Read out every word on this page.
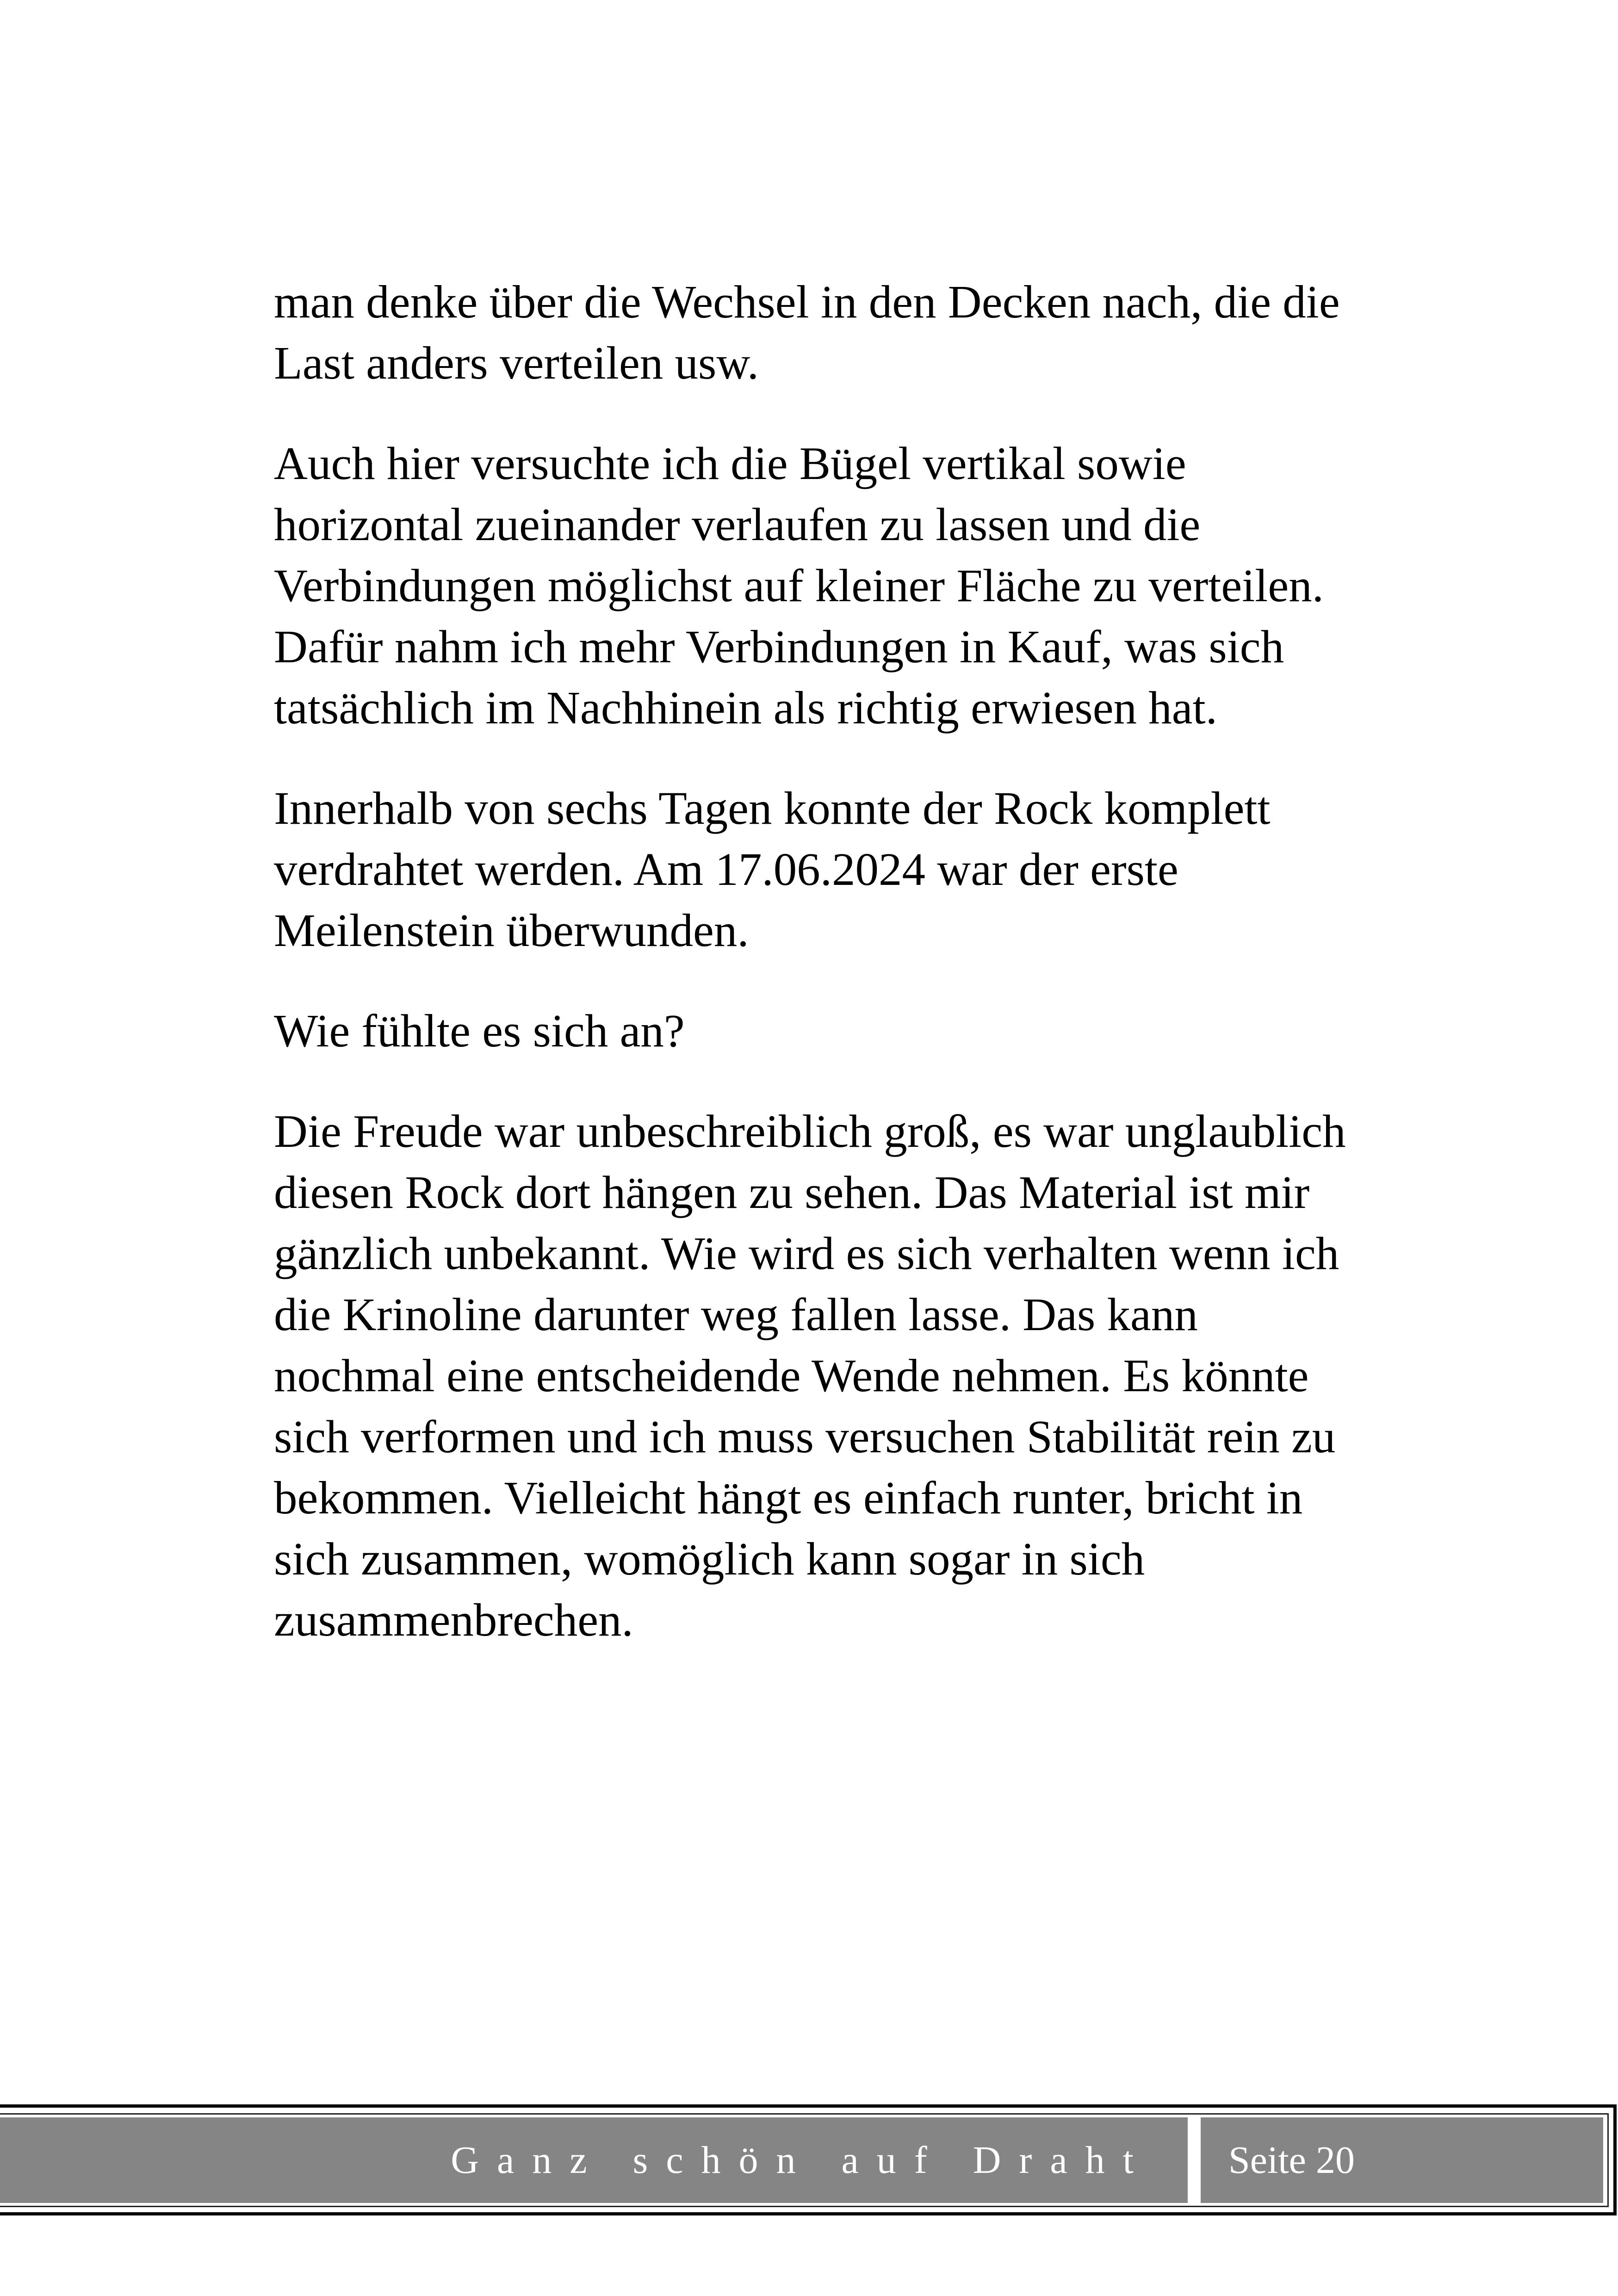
man denke über die Wechsel in den Decken nach, die die
Last anders verteilen usw.

Auch hier versuchte ich die Bügel vertikal sowie
horizontal zueinander verlaufen zu lassen und die
Verbindungen möglichst auf kleiner Fläche zu verteilen.
Dafür nahm ich mehr Verbindungen in Kauf, was sich
tatsächlich im Nachhinein als richtig erwiesen hat.

Innerhalb von sechs Tagen konnte der Rock komplett
verdrahtet werden. Am 17.06.2024 war der erste
Meilenstein überwunden.

Wie fühlte es sich an?

Die Freude war unbeschreiblich groß, es war unglaublich
diesen Rock dort hängen zu sehen. Das Material ist mir
gänzlich unbekannt. Wie wird es sich verhalten wenn ich
die Krinoline darunter weg fallen lasse. Das kann
nochmal eine entscheidende Wende nehmen. Es könnte
sich verformen und ich muss versuchen Stabilität rein zu
bekommen. Vielleicht hängt es einfach runter, bricht in
sich zusammen, womöglich kann sogar in sich
zusammenbrechen.

Ganz schön auf Draht Seite 20
